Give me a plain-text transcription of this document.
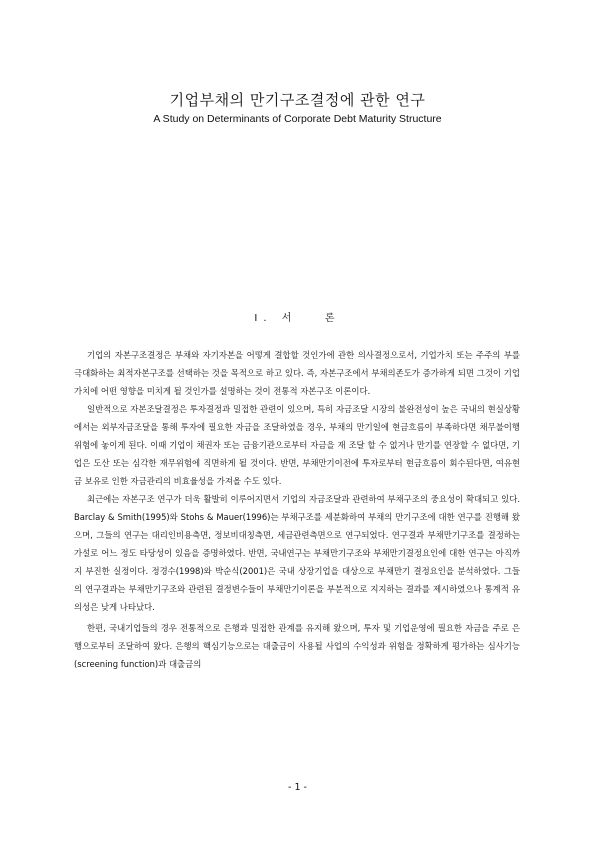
기업부채의 만기구조결정에 관한 연구
A Study on Determinants of Corporate Debt Maturity Structure
Ⅰ. 서   론

기업의 자본구조결정은 부채와 자기자본을 어떻게 결합할 것인가에 관한 의사결정으로서, 기업가치 또는 주주의 부를 극대화하는 최적자본구조를 선택하는 것을 목적으로 하고 있다. 즉, 자본구조에서 부채의존도가 증가하게 되면 그것이 기업가치에 어떤 영향을 미치게 될 것인가를 설명하는 것이 전통적 자본구조 이론이다.

일반적으로 자본조달결정은 투자결정과 밀접한 관련이 있으며, 특히 자금조달 시장의 불완전성이 높은 국내의 현실상황에서는 외부자금조달을 통해 투자에 필요한 자금을 조달하였을 경우, 부채의 만기일에 현금흐름이 부족하다면 채무불이행위험에 놓이게 된다. 이때 기업이 채권자 또는 금융기관으로부터 자금을 재 조달 할 수 없거나 만기를 연장할 수 없다면, 기업은 도산 또는 심각한 재무위험에 직면하게 될 것이다. 반면, 부채만기이전에 투자로부터 현금흐름이 회수된다면, 여유현금 보유로 인한 자금관리의 비효율성을 가져올 수도 있다.

최근에는 자본구조 연구가 더욱 활발히 이루어지면서 기업의 자금조달과 관련하여 부채구조의 중요성이 확대되고 있다. Barclay & Smith(1995)와 Stohs & Mauer(1996)는 부채구조를 세분화하여 부채의 만기구조에 대한 연구를 진행해 왔으며, 그들의 연구는 대리인비용측면, 정보비대칭측면, 세금관련측면으로 연구되었다. 연구결과 부채만기구조를 결정하는 가설로 어느 정도 타당성이 있음을 증명하였다. 반면, 국내연구는 부채만기구조와 부채만기결정요인에 대한 연구는 아직까지 부진한 실정이다. 정경수(1998)와 박순식(2001)은 국내 상장기업을 대상으로 부채만기 결정요인을 분석하였다. 그들의 연구결과는 부채만기구조와 관련된 결정변수들이 부채만기이론을 부분적으로 지지하는 결과를 제시하였으나 통계적 유의성은 낮게 나타났다.

한편, 국내기업들의 경우 전통적으로 은행과 밀접한 관계를 유지해 왔으며, 투자 및 기업운영에 필요한 자금을 주로 은행으로부터 조달하여 왔다. 은행의 핵심기능으로는 대출금이 사용될 사업의 수익성과 위험을 정확하게 평가하는 심사기능(screening function)과 대출금의

- 1 -
